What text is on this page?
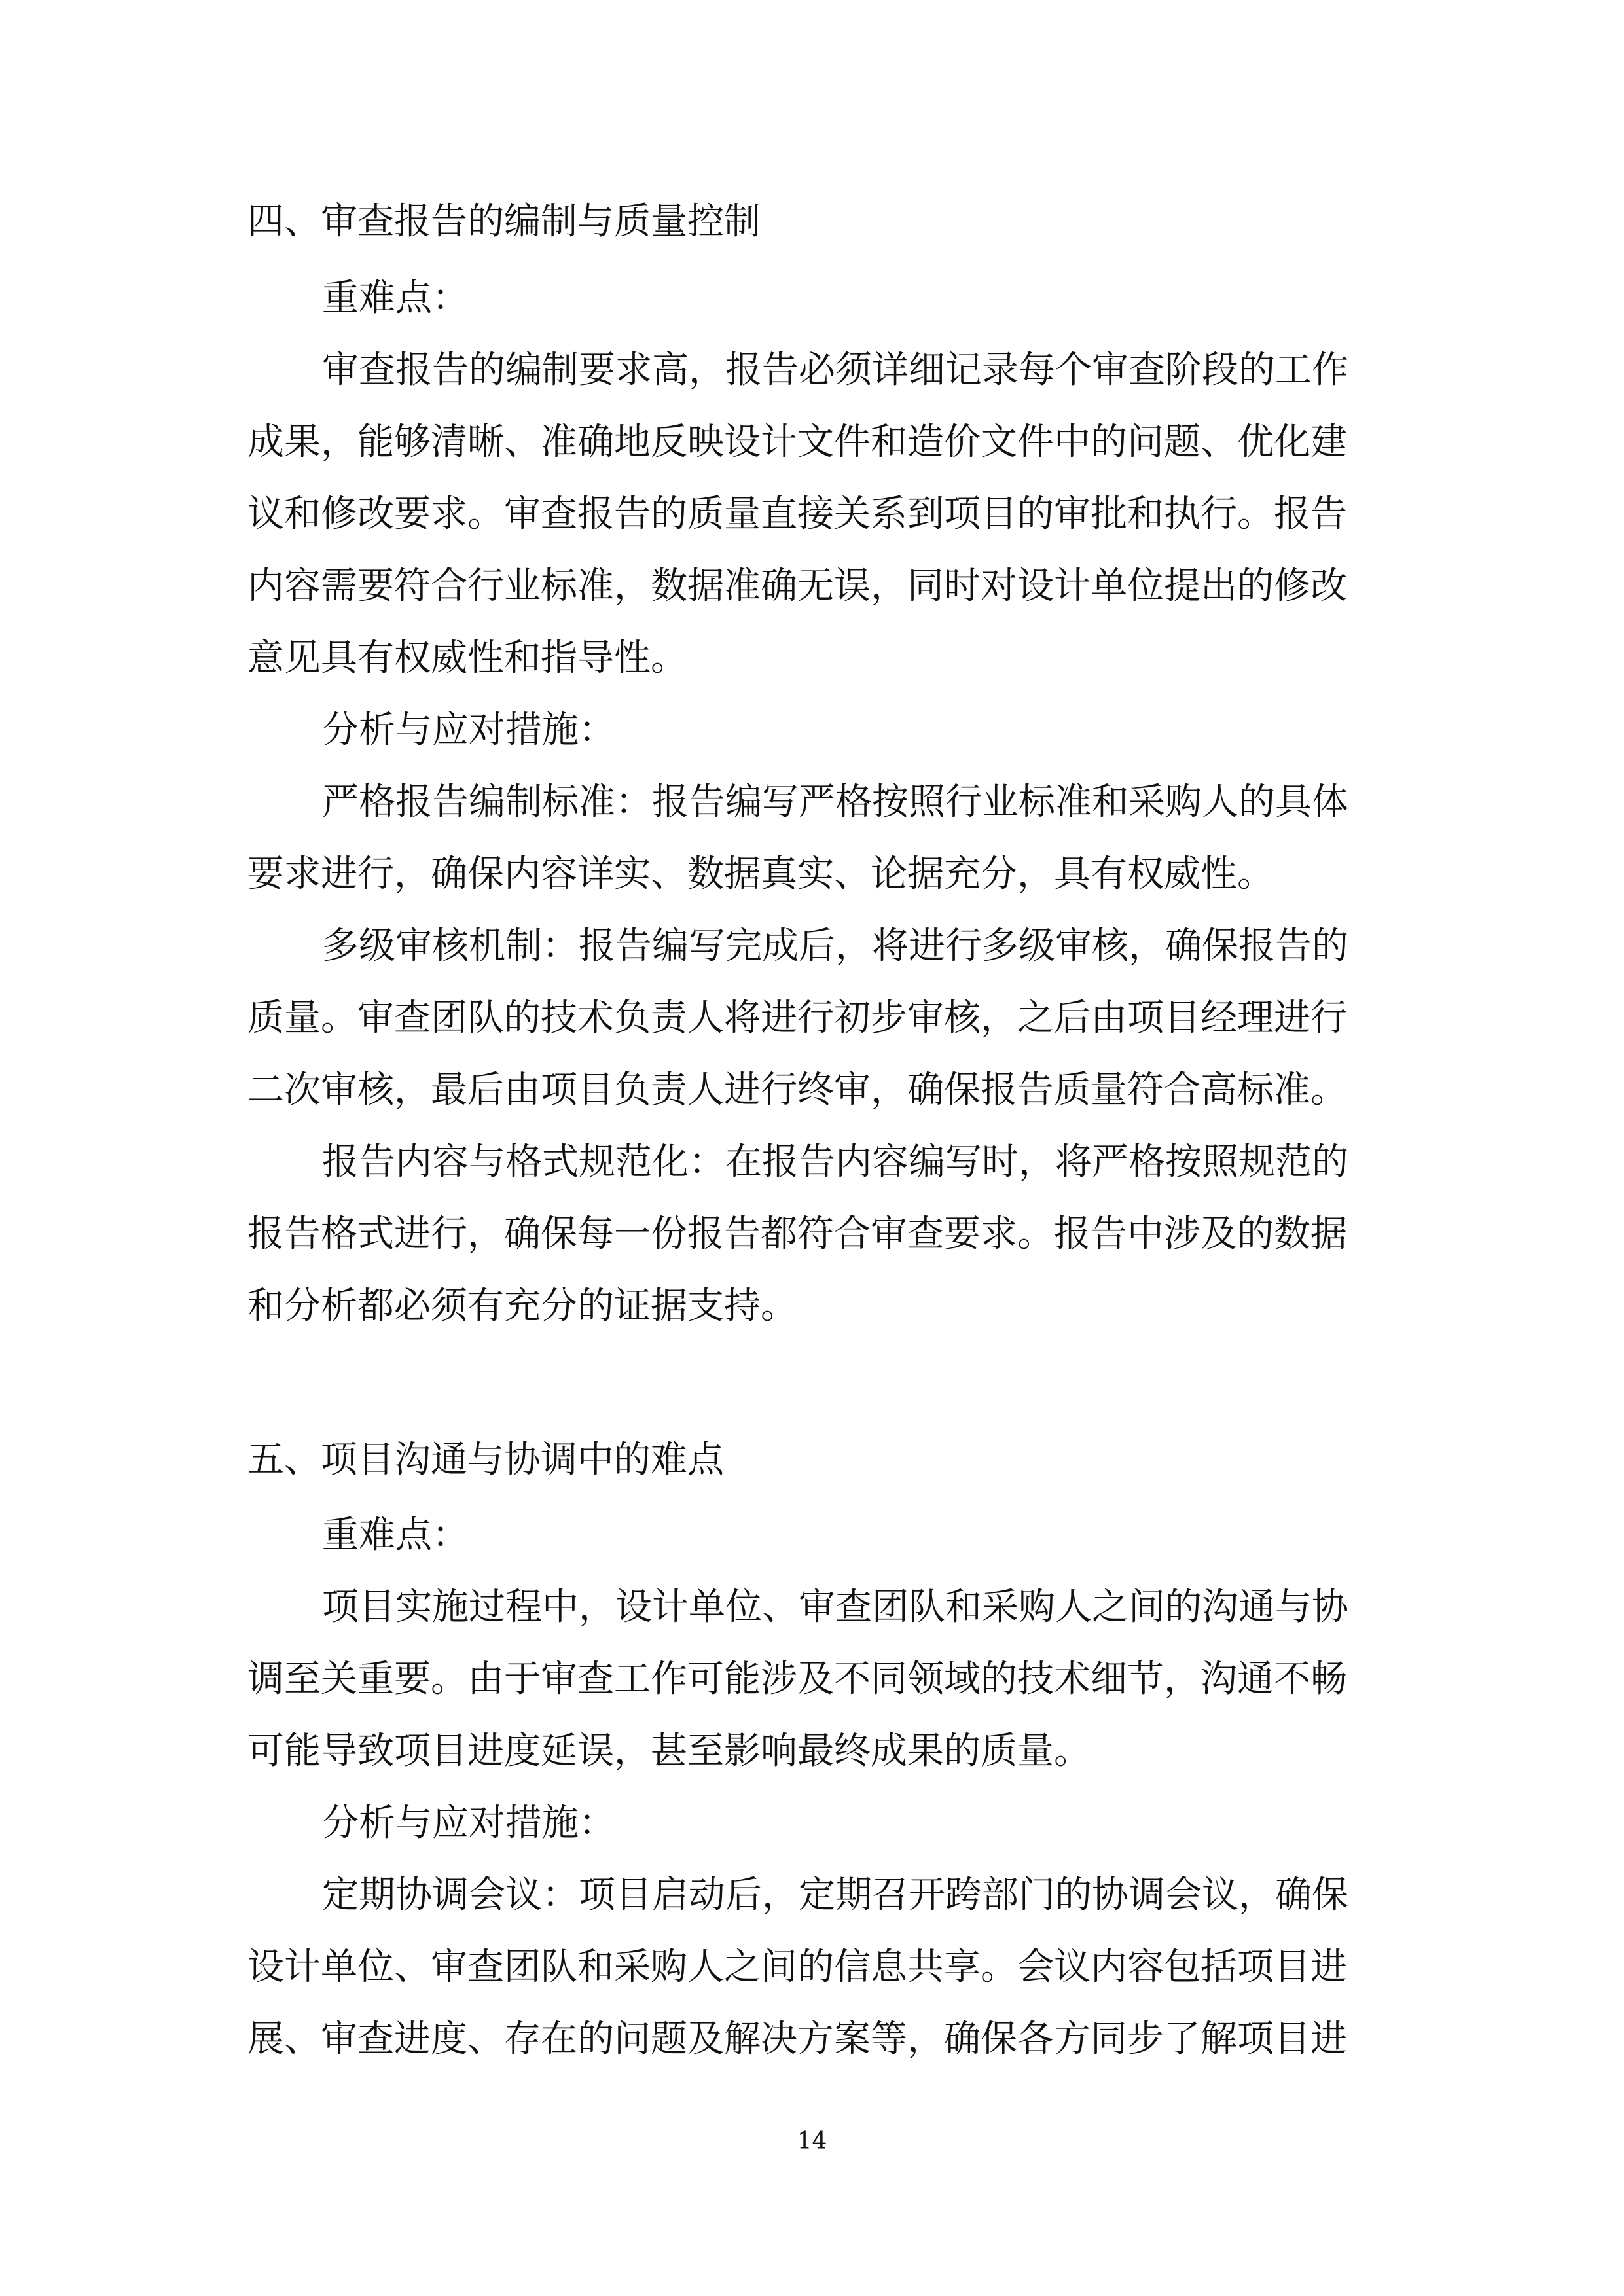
四、审查报告的编制与质量控制
重难点：
审查报告的编制要求高，报告必须详细记录每个审查阶段的工作
成果，能够清晰、准确地反映设计文件和造价文件中的问题、优化建
议和修改要求。审查报告的质量直接关系到项目的审批和执行。报告
内容需要符合行业标准，数据准确无误，同时对设计单位提出的修改
意见具有权威性和指导性。
分析与应对措施：
严格报告编制标准：报告编写严格按照行业标准和采购人的具体
要求进行，确保内容详实、数据真实、论据充分，具有权威性。
多级审核机制：报告编写完成后，将进行多级审核，确保报告的
质量。审查团队的技术负责人将进行初步审核，之后由项目经理进行
二次审核，最后由项目负责人进行终审，确保报告质量符合高标准。
报告内容与格式规范化：在报告内容编写时，将严格按照规范的
报告格式进行，确保每一份报告都符合审查要求。报告中涉及的数据
和分析都必须有充分的证据支持。
五、项目沟通与协调中的难点
重难点：
项目实施过程中，设计单位、审查团队和采购人之间的沟通与协
调至关重要。由于审查工作可能涉及不同领域的技术细节，沟通不畅
可能导致项目进度延误，甚至影响最终成果的质量。
分析与应对措施：
定期协调会议：项目启动后，定期召开跨部门的协调会议，确保
设计单位、审查团队和采购人之间的信息共享。会议内容包括项目进
展、审查进度、存在的问题及解决方案等，确保各方同步了解项目进
14
